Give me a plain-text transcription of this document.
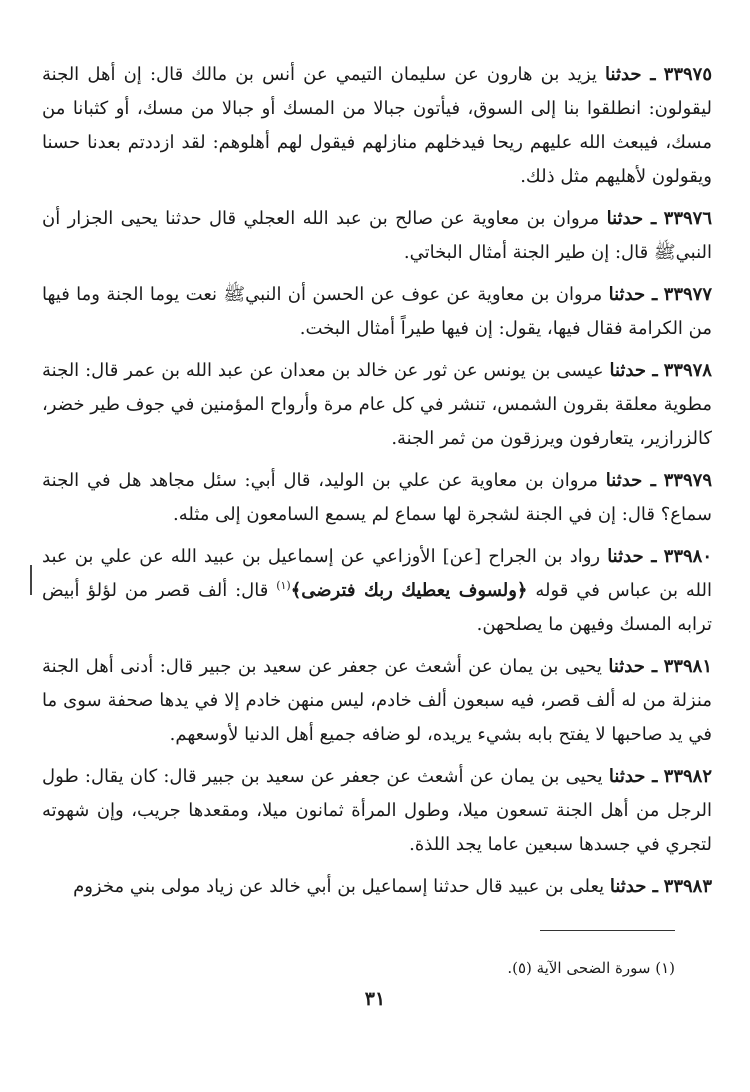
٣٣٩٧٥ ـ حدثنا يزيد بن هارون عن سليمان التيمي عن أنس بن مالك قال: إن أهل الجنة ليقولون: انطلقوا بنا إلى السوق، فيأتون جبالا من المسك أو جبالا من مسك، أو كثبانا من مسك، فيبعث الله عليهم ريحا فيدخلهم منازلهم فيقول لهم أهلوهم: لقد ازددتم بعدنا حسنا ويقولون لأهليهم مثل ذلك.

٣٣٩٧٦ ـ حدثنا مروان بن معاوية عن صالح بن عبد الله العجلي قال حدثنا يحيى الجزار أن النبيﷺ قال: إن طير الجنة أمثال البخاتي.

٣٣٩٧٧ ـ حدثنا مروان بن معاوية عن عوف عن الحسن أن النبيﷺ نعت يوما الجنة وما فيها من الكرامة فقال فيها، يقول: إن فيها طيراً أمثال البخت.

٣٣٩٧٨ ـ حدثنا عيسى بن يونس عن ثور عن خالد بن معدان عن عبد الله بن عمر قال: الجنة مطوية معلقة بقرون الشمس، تنشر في كل عام مرة وأرواح المؤمنين في جوف طير خضر، كالزرازير، يتعارفون ويرزقون من ثمر الجنة.

٣٣٩٧٩ ـ حدثنا مروان بن معاوية عن علي بن الوليد، قال أبي: سئل مجاهد هل في الجنة سماع؟ قال: إن في الجنة لشجرة لها سماع لم يسمع السامعون إلى مثله.

٣٣٩٨٠ ـ حدثنا رواد بن الجراح [عن] الأوزاعي عن إسماعيل بن عبيد الله عن علي بن عبد الله بن عباس في قوله ﴿ولسوف يعطيك ربك فترضى﴾$^{(١)}$ قال: ألف قصر من لؤلؤ أبيض ترابه المسك وفيهن ما يصلحهن.

٣٣٩٨١ ـ حدثنا يحيى بن يمان عن أشعث عن جعفر عن سعيد بن جبير قال: أدنى أهل الجنة منزلة من له ألف قصر، فيه سبعون ألف خادم، ليس منهن خادم إلا في يدها صحفة سوى ما في يد صاحبها لا يفتح بابه بشيء يريده، لو ضافه جميع أهل الدنيا لأوسعهم.

٣٣٩٨٢ ـ حدثنا يحيى بن يمان عن أشعث عن جعفر عن سعيد بن جبير قال: كان يقال: طول الرجل من أهل الجنة تسعون ميلا، وطول المرأة ثمانون ميلا، ومقعدها جريب، وإن شهوته لتجري في جسدها سبعين عاما يجد اللذة.

٣٣٩٨٣ ـ حدثنا يعلى بن عبيد قال حدثنا إسماعيل بن أبي خالد عن زياد مولى بني مخزوم

(١) سورة الضحى الآية (٥).
٣١
